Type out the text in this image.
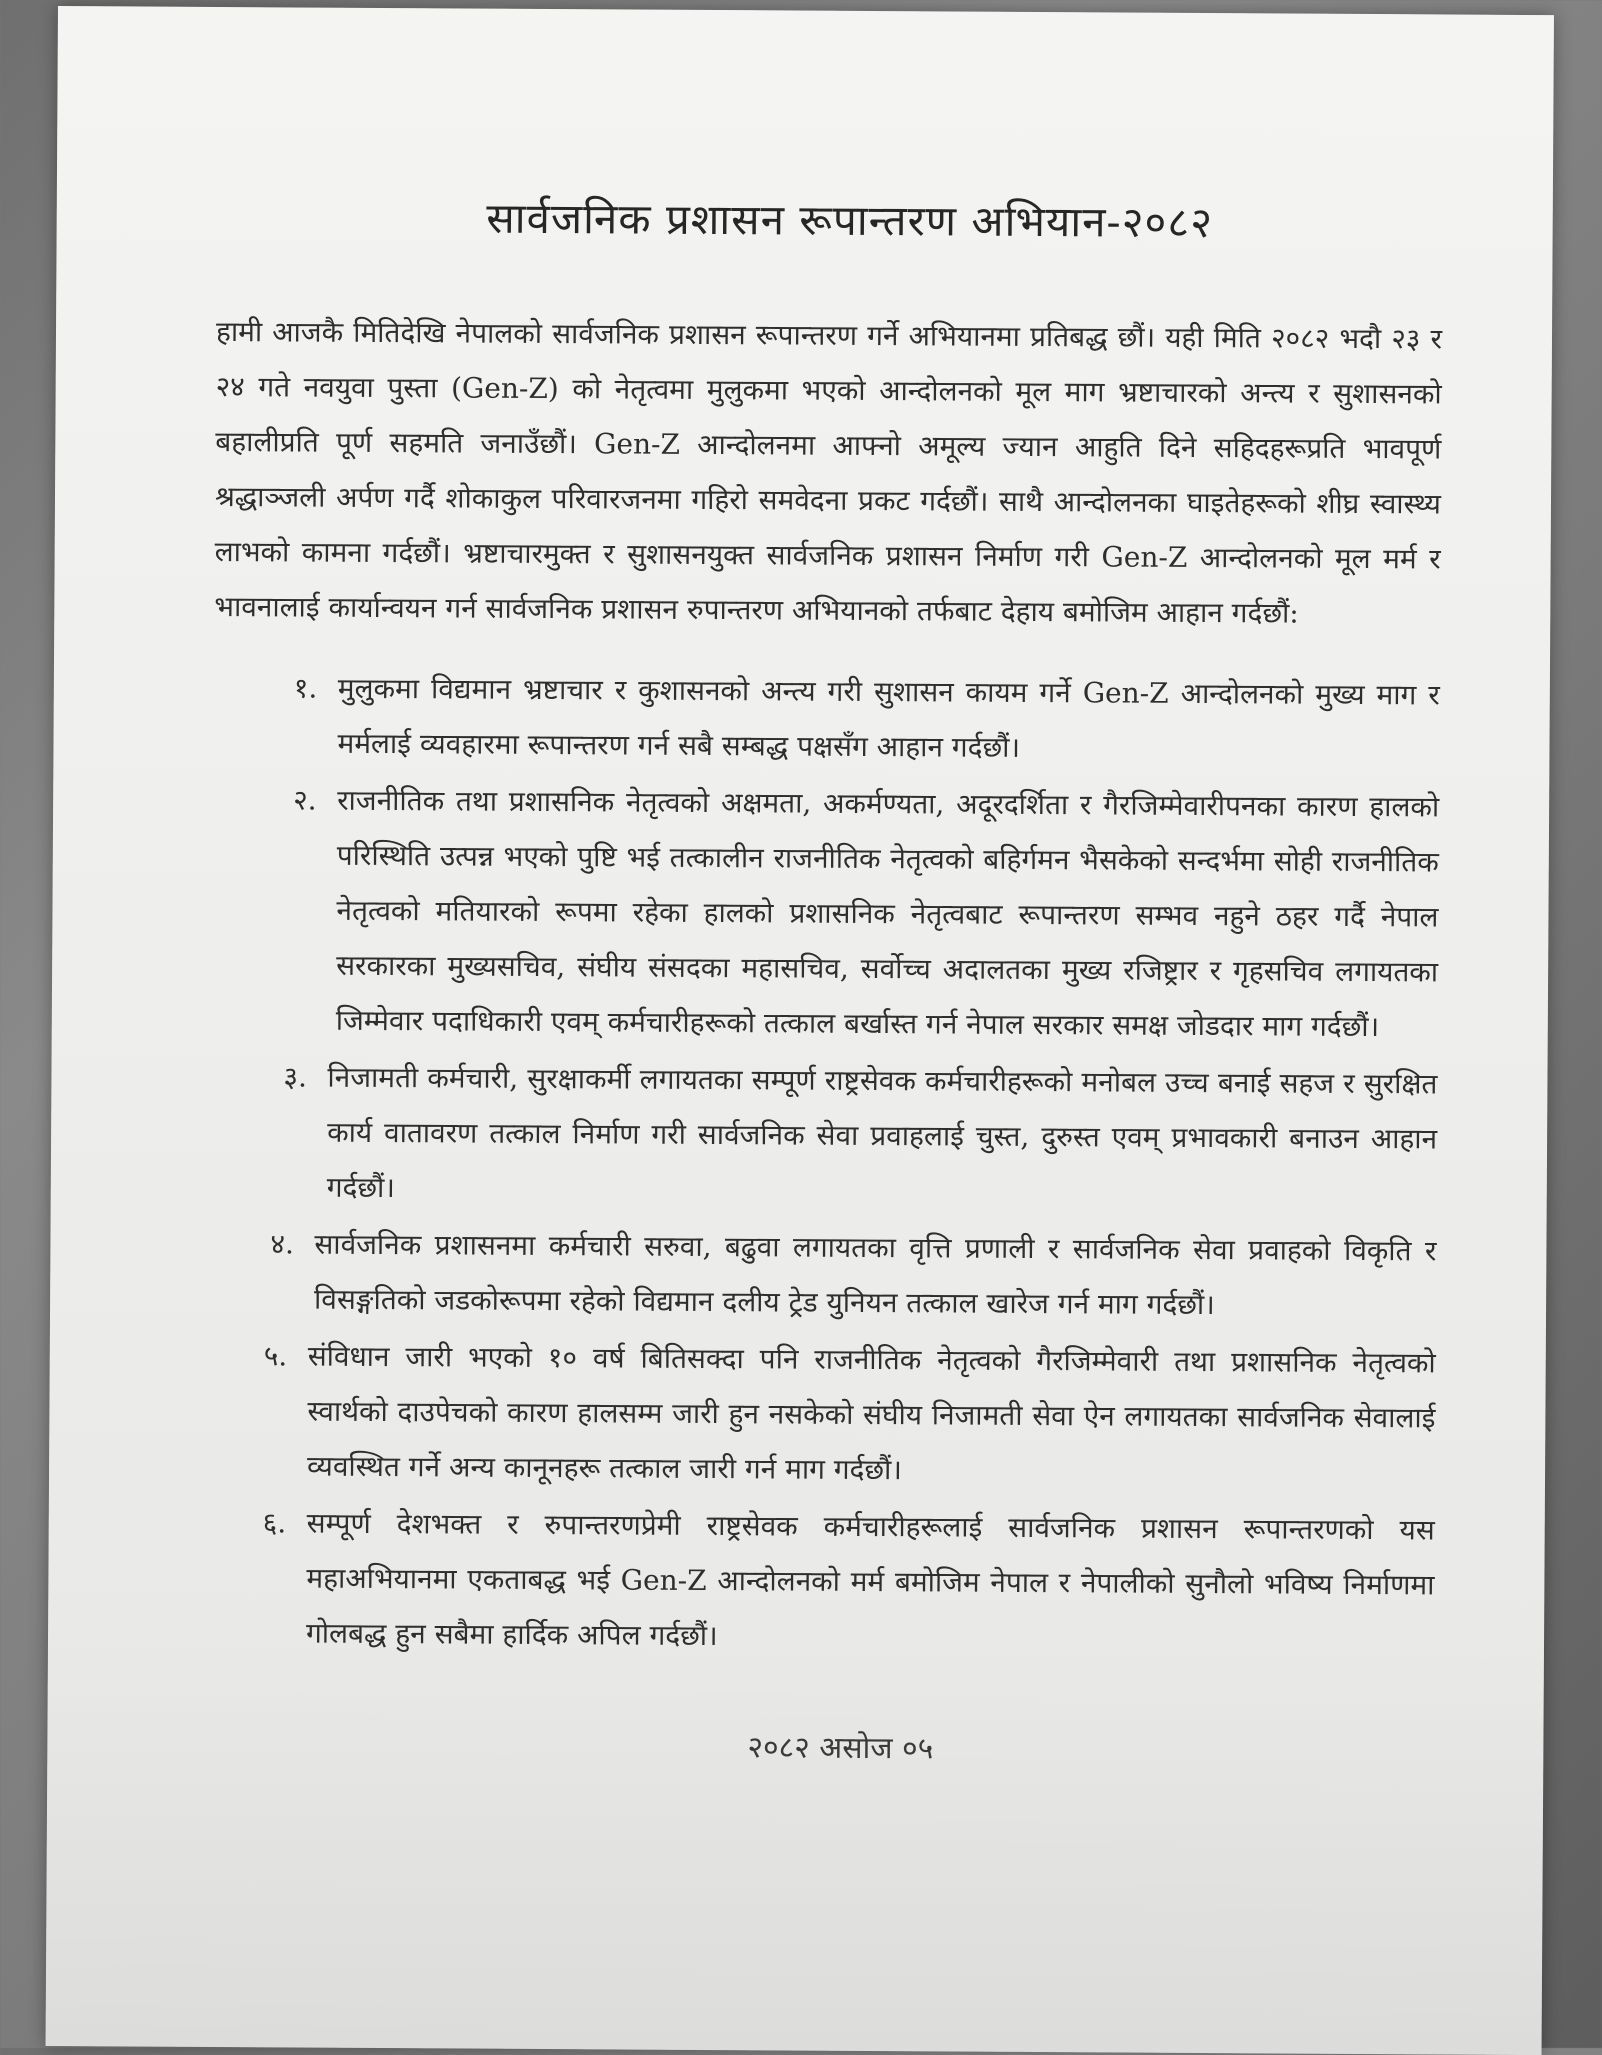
सार्वजनिक प्रशासन रूपान्तरण अभियान-२०८२

हामी आजकै मितिदेखि नेपालको सार्वजनिक प्रशासन रूपान्तरण गर्ने अभियानमा प्रतिबद्ध छौं। यही मिति २०८२ भदौ २३ र २४ गते नवयुवा पुस्ता (Gen-Z) को नेतृत्वमा मुलुकमा भएको आन्दोलनको मूल माग भ्रष्टाचारको अन्त्य र सुशासनको बहालीप्रति पूर्ण सहमति जनाउँछौं। Gen-Z आन्दोलनमा आफ्नो अमूल्य ज्यान आहुति दिने सहिदहरूप्रति भावपूर्ण श्रद्धाञ्जली अर्पण गर्दै शोकाकुल परिवारजनमा गहिरो समवेदना प्रकट गर्दछौं। साथै आन्दोलनका घाइतेहरूको शीघ्र स्वास्थ्य लाभको कामना गर्दछौं। भ्रष्टाचारमुक्त र सुशासनयुक्त सार्वजनिक प्रशासन निर्माण गरी Gen-Z आन्दोलनको मूल मर्म र भावनालाई कार्यान्वयन गर्न सार्वजनिक प्रशासन रुपान्तरण अभियानको तर्फबाट देहाय बमोजिम आहान गर्दछौं:

१. मुलुकमा विद्यमान भ्रष्टाचार र कुशासनको अन्त्य गरी सुशासन कायम गर्ने Gen-Z आन्दोलनको मुख्य माग र मर्मलाई व्यवहारमा रूपान्तरण गर्न सबै सम्बद्ध पक्षसँग आहान गर्दछौं।
२. राजनीतिक तथा प्रशासनिक नेतृत्वको अक्षमता, अकर्मण्यता, अदूरदर्शिता र गैरजिम्मेवारीपनका कारण हालको परिस्थिति उत्पन्न भएको पुष्टि भई तत्कालीन राजनीतिक नेतृत्वको बहिर्गमन भैसकेको सन्दर्भमा सोही राजनीतिक नेतृत्वको मतियारको रूपमा रहेका हालको प्रशासनिक नेतृत्वबाट रूपान्तरण सम्भव नहुने ठहर गर्दै नेपाल सरकारका मुख्यसचिव, संघीय संसदका महासचिव, सर्वोच्च अदालतका मुख्य रजिष्ट्रार र गृहसचिव लगायतका जिम्मेवार पदाधिकारी एवम् कर्मचारीहरूको तत्काल बर्खास्त गर्न नेपाल सरकार समक्ष जोडदार माग गर्दछौं।
३. निजामती कर्मचारी, सुरक्षाकर्मी लगायतका सम्पूर्ण राष्ट्रसेवक कर्मचारीहरूको मनोबल उच्च बनाई सहज र सुरक्षित कार्य वातावरण तत्काल निर्माण गरी सार्वजनिक सेवा प्रवाहलाई चुस्त, दुरुस्त एवम् प्रभावकारी बनाउन आहान गर्दछौं।
४. सार्वजनिक प्रशासनमा कर्मचारी सरुवा, बढुवा लगायतका वृत्ति प्रणाली र सार्वजनिक सेवा प्रवाहको विकृति र विसङ्गतिको जडकोरूपमा रहेको विद्यमान दलीय ट्रेड युनियन तत्काल खारेज गर्न माग गर्दछौं।
५. संविधान जारी भएको १० वर्ष बितिसक्दा पनि राजनीतिक नेतृत्वको गैरजिम्मेवारी तथा प्रशासनिक नेतृत्वको स्वार्थको दाउपेचको कारण हालसम्म जारी हुन नसकेको संघीय निजामती सेवा ऐन लगायतका सार्वजनिक सेवालाई व्यवस्थित गर्ने अन्य कानूनहरू तत्काल जारी गर्न माग गर्दछौं।
६. सम्पूर्ण देशभक्त र रुपान्तरणप्रेमी राष्ट्रसेवक कर्मचारीहरूलाई सार्वजनिक प्रशासन रूपान्तरणको यस महाअभियानमा एकताबद्ध भई Gen-Z आन्दोलनको मर्म बमोजिम नेपाल र नेपालीको सुनौलो भविष्य निर्माणमा गोलबद्ध हुन सबैमा हार्दिक अपिल गर्दछौं।
२०८२ असोज ०५
